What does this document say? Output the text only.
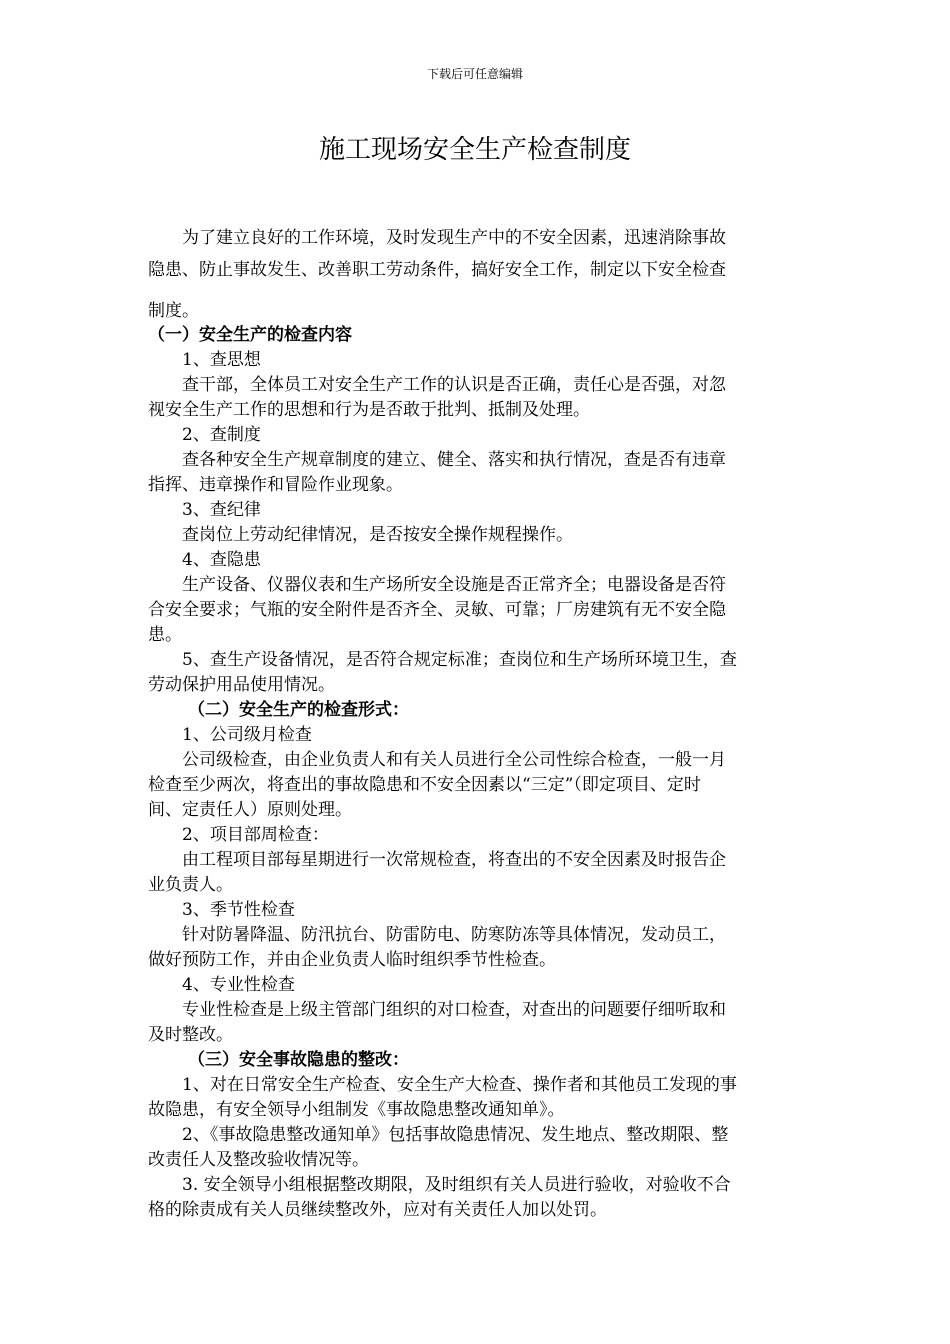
下载后可任意编辑
施工现场安全生产检查制度
为了建立良好的工作环境，及时发现生产中的不安全因素，迅速消除事故
隐患、防止事故发生、改善职工劳动条件，搞好安全工作，制定以下安全检查
制度。
（一）安全生产的检查内容
1、查思想
查干部，全体员工对安全生产工作的认识是否正确，责任心是否强，对忽
视安全生产工作的思想和行为是否敢于批判、抵制及处理。
2、查制度
查各种安全生产规章制度的建立、健全、落实和执行情况，查是否有违章
指挥、违章操作和冒险作业现象。
3、查纪律
查岗位上劳动纪律情况，是否按安全操作规程操作。
4、查隐患
生产设备、仪器仪表和生产场所安全设施是否正常齐全；电器设备是否符
合安全要求；气瓶的安全附件是否齐全、灵敏、可靠；厂房建筑有无不安全隐
患。
5、查生产设备情况，是否符合规定标准；查岗位和生产场所环境卫生，查
劳动保护用品使用情况。
（二）安全生产的检查形式：
1、公司级月检查
公司级检查，由企业负责人和有关人员进行全公司性综合检查，一般一月
检查至少两次，将查出的事故隐患和不安全因素以“三定”（即定项目、定时
间、定责任人）原则处理。
2、项目部周检查：
由工程项目部每星期进行一次常规检查，将查出的不安全因素及时报告企
业负责人。
3、季节性检查
针对防暑降温、防汛抗台、防雷防电、防寒防冻等具体情况，发动员工，
做好预防工作，并由企业负责人临时组织季节性检查。
4、专业性检查
专业性检查是上级主管部门组织的对口检查，对查出的问题要仔细听取和
及时整改。
（三）安全事故隐患的整改：
1、对在日常安全生产检查、安全生产大检查、操作者和其他员工发现的事
故隐患，有安全领导小组制发《事故隐患整改通知单》。
2、《事故隐患整改通知单》包括事故隐患情况、发生地点、整改期限、整
改责任人及整改验收情况等。
3. 安全领导小组根据整改期限，及时组织有关人员进行验收，对验收不合
格的除责成有关人员继续整改外，应对有关责任人加以处罚。
